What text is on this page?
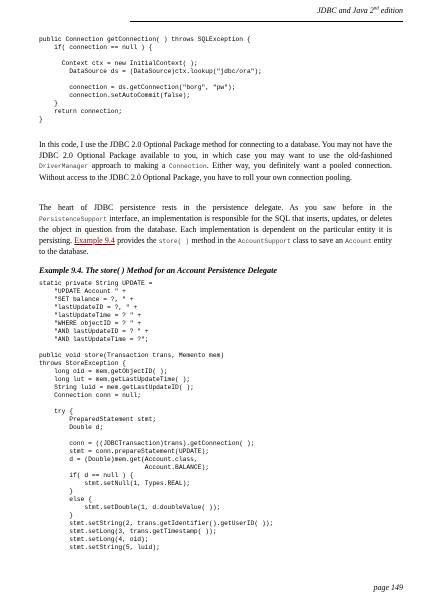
JDBC and Java 2nd edition
public Connection getConnection( ) throws SQLException {
if( connection == null ) {

Context ctx = new InitialContext( );
DataSource ds = (DataSource)ctx.lookup("jdbc/ora");

connection = ds.getConnection("borg", "pw");
connection.setAutoCommit(false);
}
return connection;
}

In this code, I use the JDBC 2.0 Optional Package method for connecting to a database. You may not have the JDBC 2.0 Optional Package available to you, in which case you may want to use the old-fashioned DriverManager approach to making a Connection. Either way, you definitely want a pooled connection. Without access to the JDBC 2.0 Optional Package, you have to roll your own connection pooling.

The heart of JDBC persistence rests in the persistence delegate. As you saw before in the PersistenceSupport interface, an implementation is responsible for the SQL that inserts, updates, or deletes the object in question from the database. Each implementation is dependent on the particular entity it is persisting. Example 9.4 provides the store( ) method in the AccountSupport class to save an Account entity to the database.

Example 9.4. The store( ) Method for an Account Persistence Delegate
static private String UPDATE =
"UPDATE Account " +
"SET balance = ?, " +
"lastUpdateID = ?, " +
"lastUpdateTime = ? " +
"WHERE objectID = ? " +
"AND lastUpdateID = ? " +
"AND lastUpdateTime = ?";

public void store(Transaction trans, Memento mem)
throws StoreException {
long oid = mem.getObjectID( );
long lut = mem.getLastUpdateTime( );
String luid = mem.getLastUpdateID( );
Connection conn = null;

try {
PreparedStatement stmt;
Double d;

conn = ((JDBCTransaction)trans).getConnection( );
stmt = conn.prepareStatement(UPDATE);
d = (Double)mem.get(Account.class,
Account.BALANCE);
if( d == null ) {
stmt.setNull(1, Types.REAL);
}
else {
stmt.setDouble(1, d.doubleValue( ));
}
stmt.setString(2, trans.getIdentifier().getUserID( ));
stmt.setLong(3, trans.getTimestamp( ));
stmt.setLong(4, oid);
stmt.setString(5, luid);
page 149
